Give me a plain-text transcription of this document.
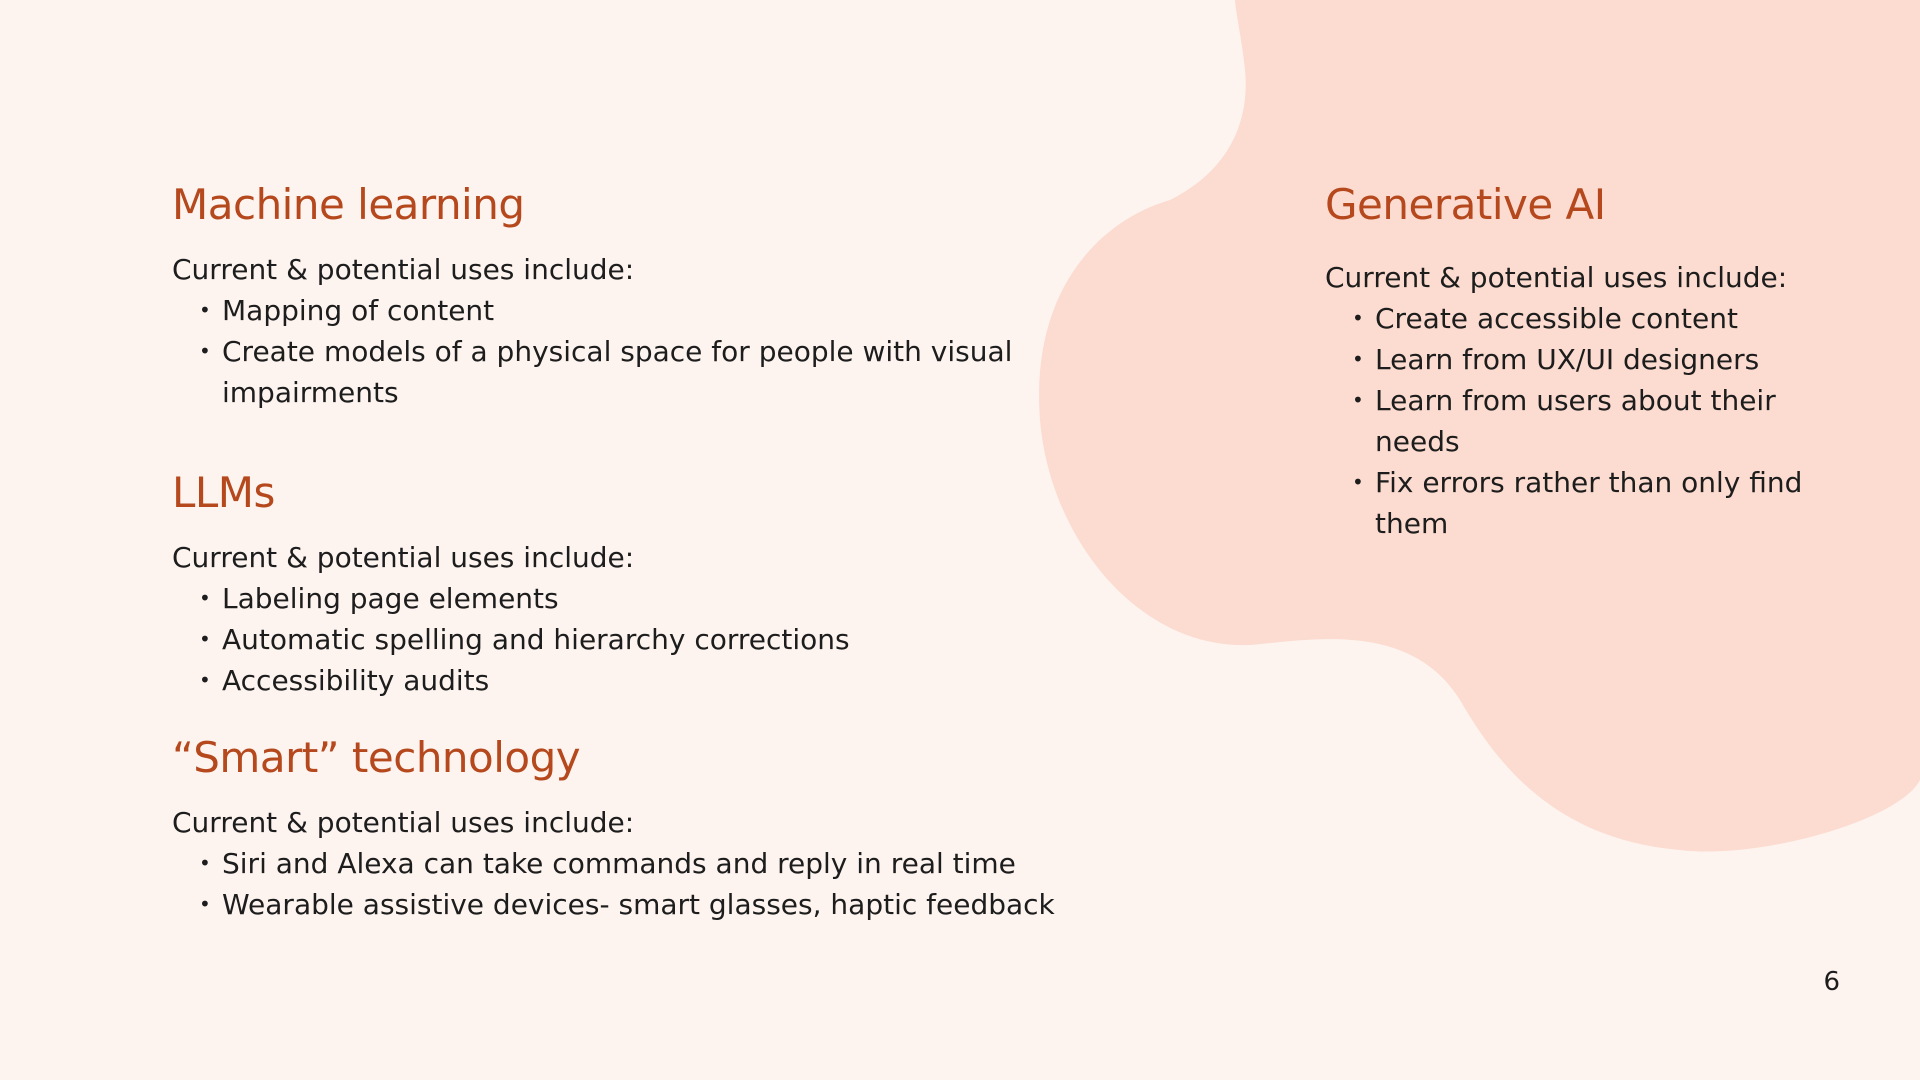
Machine learning

Current & potential uses include:

• Mapping of content
• Create models of a physical space for people with visual impairments
LLMs

Current & potential uses include:

• Labeling page elements
• Automatic spelling and hierarchy corrections
• Accessibility audits
“Smart” technology

Current & potential uses include:

• Siri and Alexa can take commands and reply in real time
• Wearable assistive devices- smart glasses, haptic feedback
Generative AI

Current & potential uses include:

• Create accessible content
• Learn from UX/UI designers
• Learn from users about their needs
• Fix errors rather than only find them
6
